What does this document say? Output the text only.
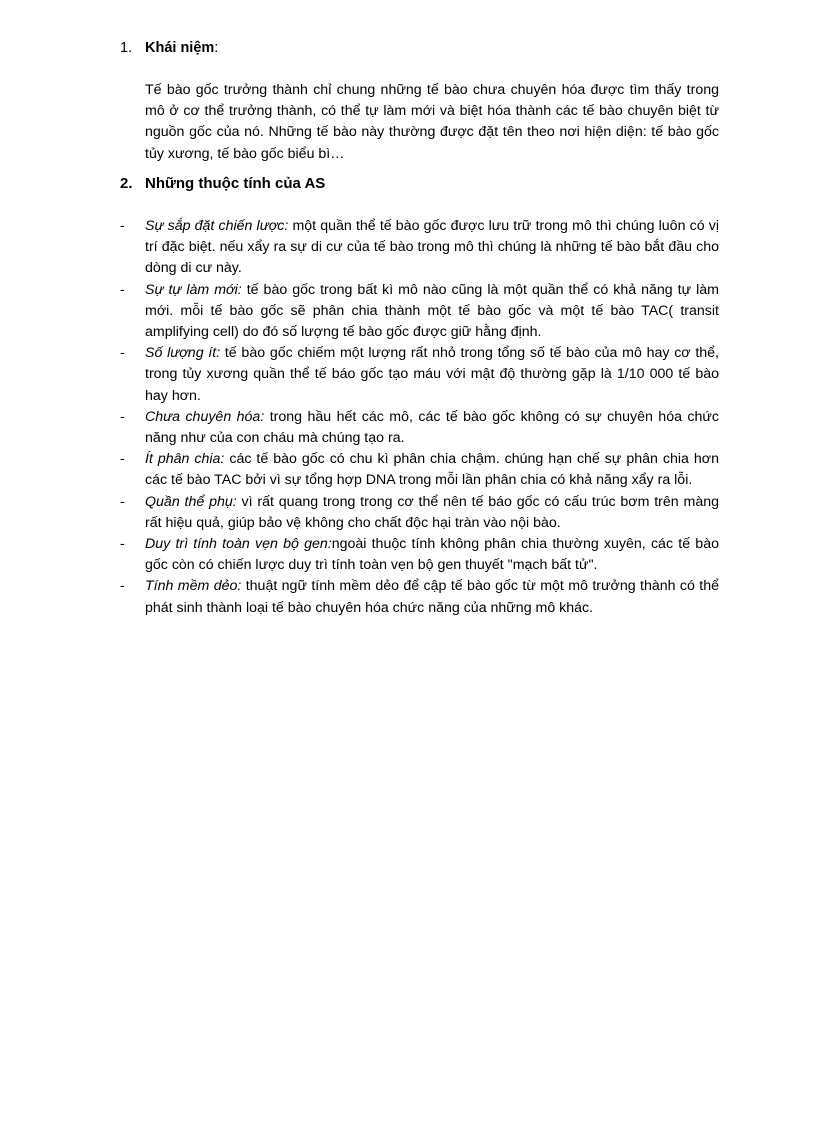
1. Khái niệm:
Tế bào gốc trưởng thành chỉ chung những tế bào chưa chuyên hóa được tìm thấy trong mô ở cơ thể trưởng thành, có thể tự làm mới và biệt hóa thành các tế bào chuyên biệt từ nguồn gốc của nó. Những tế bào này thường được đặt tên theo nơi hiện diện: tế bào gốc tủy xương, tế bào gốc biểu bì…
2. Những thuộc tính của AS
- Sự sắp đặt chiến lược: một quần thể tế bào gốc được lưu trữ trong mô thì chúng luôn có vị trí đặc biệt. nếu xẩy ra sự di cư của tế bào trong mô thì chúng là những tế bào bắt đầu cho dòng di cư này.
- Sự tự làm mới: tế bào gốc trong bất kì mô nào cũng là một quần thể có khả năng tự làm mới. mỗi tế bào gốc sẽ phân chia thành một tế bào gốc và một tế bào TAC( transit amplifying cell) do đó số lượng tế bào gốc được giữ hằng định.
- Số lượng ít: tế bào gốc chiếm một lượng rất nhỏ trong tổng số tế bào của mô hay cơ thể, trong tủy xương quần thể tế báo gốc tạo máu với mật độ thường gặp là 1/10 000 tế bào hay hơn.
- Chưa chuyên hóa: trong hầu hết các mô, các tế bào gốc không có sự chuyên hóa chức năng như của con cháu mà chúng tạo ra.
- Ít phân chia: các tế bào gốc có chu kì phân chia chậm. chúng hạn chế sự phân chia hơn các tế bào TAC bởi vì sự tổng hợp DNA trong mỗi lần phân chia có khả năng xẩy ra lỗi.
- Quần thể phụ: vì rất quang trong trong cơ thể nên tế báo gốc có cấu trúc bơm trên màng rất hiệu quả, giúp bảo vệ không cho chất độc hại tràn vào nội bào.
- Duy trì tính toàn vẹn bộ gen:ngoài thuộc tính không phân chia thường xuyên, các tế bào gốc còn có chiến lược duy trì tính toàn vẹn bộ gen thuyết "mạch bất tử".
- Tính mềm dẻo: thuật ngữ tính mềm dẻo để cập tế bào gốc từ một mô trưởng thành có thể phát sinh thành loại tế bào chuyên hóa chức năng của những mô khác.
